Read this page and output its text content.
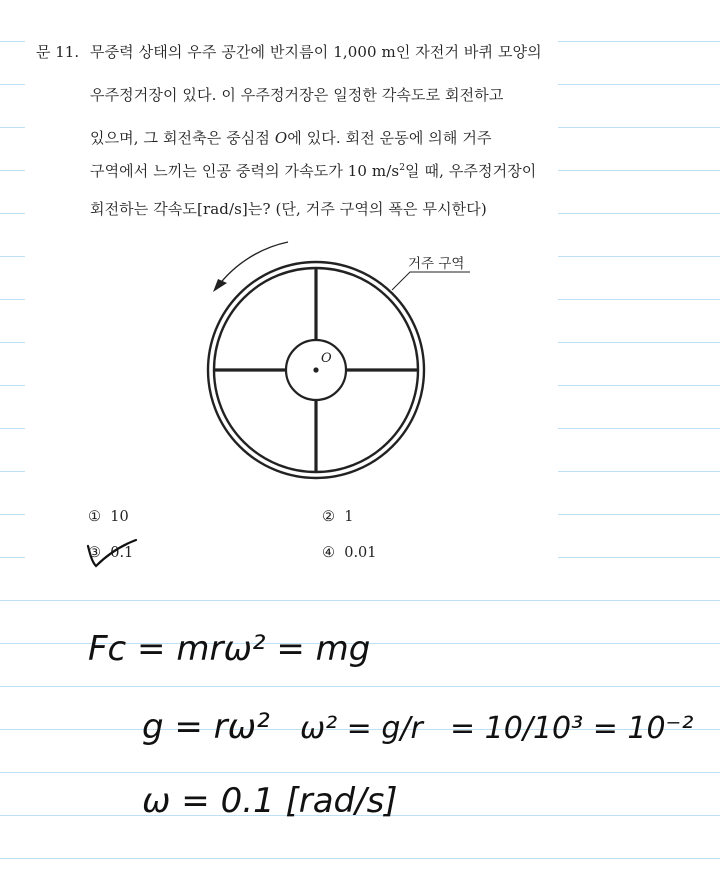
문 11. 무중력 상태의 우주 공간에 반지름이 1,000 m인 자전거 바퀴 모양의
우주정거장이 있다. 이 우주정거장은 일정한 각속도로 회전하고
있으며, 그 회전축은 중심점 O에 있다. 회전 운동에 의해 거주
구역에서 느끼는 인공 중력의 가속도가 10 $m/s^2$일 때, 우주정거장이
회전하는 각속도[rad/s]는? (단, 거주 구역의 폭은 무시한다)
O
거주 구역
① 10	② 1
③ 0.1	④ 0.01
Fc = mrω² = mg
g = rω² ω² = g/r = 10/10³ = 10⁻²
ω = 0.1 [rad/s]
